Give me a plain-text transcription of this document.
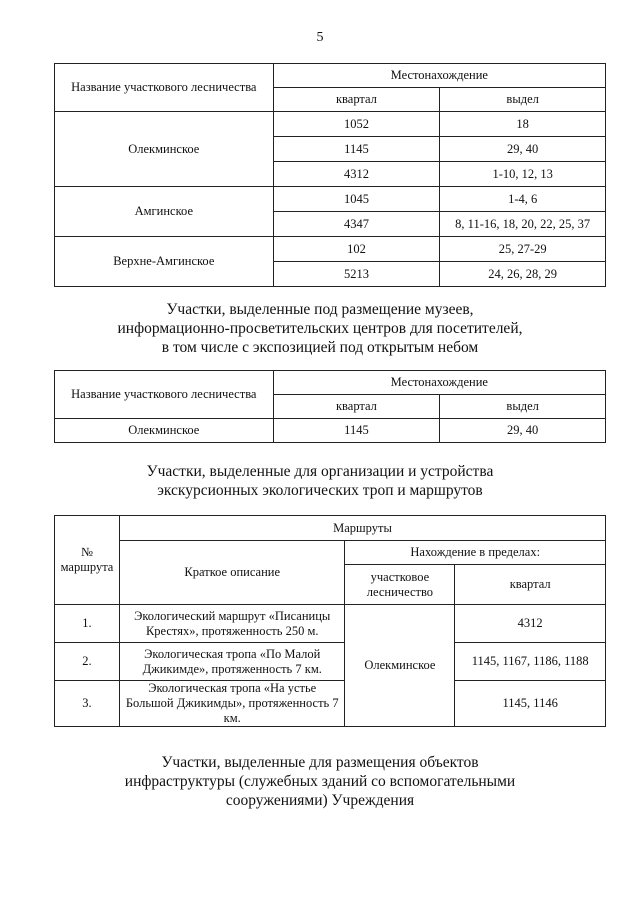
5
Название участкового лесничества	Местонахождение	
	квартал	выдел
Олекминское	1052	18
	1145	29, 40
	4312	1-10, 12, 13
Амгинское	1045	1-4, 6
	4347	8, 11-16, 18, 20, 22, 25, 37
Верхне-Амгинское	102	25, 27-29
	5213	24, 26, 28, 29
Участки, выделенные под размещение музеев,
информационно-просветительских центров для посетителей,
в том числе с экспозицией под открытым небом
Название участкового лесничества	Местонахождение	
	квартал	выдел
Олекминское	1145	29, 40
Участки, выделенные для организации и устройства
экскурсионных экологических троп и маршрутов
№ маршрута	Маршруты		
	Краткое описание	Нахождение в пределах:	
		участковое лесничество	квартал
1.	Экологический маршрут «Писаницы Крестях», протяженность 250 м.	Олекминское	4312
2.	Экологическая тропа «По Малой Джикимде», протяженность 7 км.		1145, 1167, 1186, 1188
3.	Экологическая тропа «На устье Большой Джикимды», протяженность 7 км.		1145, 1146
Участки, выделенные для размещения объектов
инфраструктуры (служебных зданий со вспомогательными
сооружениями) Учреждения
